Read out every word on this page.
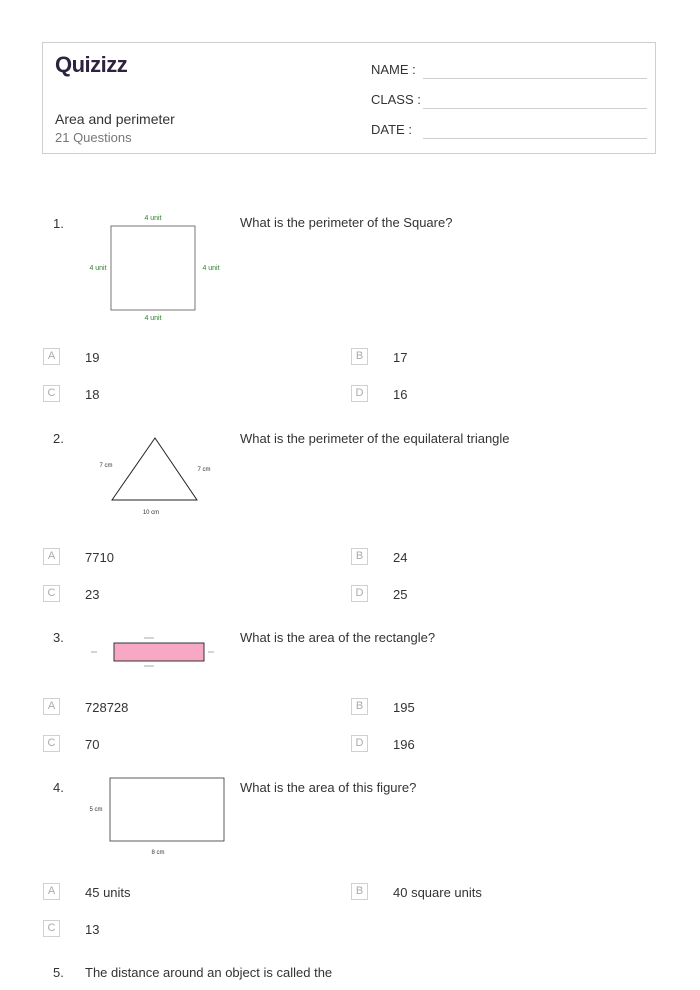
Quizizz
Area and perimeter
21 Questions
NAME :
CLASS :
DATE :
1.	What is the perimeter of the Square?
4 unit
4 unit	4 unit
4 unit
A	19	B	17
C	18	D	16
2.	What is the perimeter of the equilateral triangle
7 cm
7 cm
10 cm
A	7710	B	24
C	23	D	25
3.	What is the area of the rectangle?
A	728728	B	195
C	70	D	196
4.	What is the area of this figure?
5 cm
8 cm
A	45 units	B	40 square units
C	13
5. The distance around an object is called the
